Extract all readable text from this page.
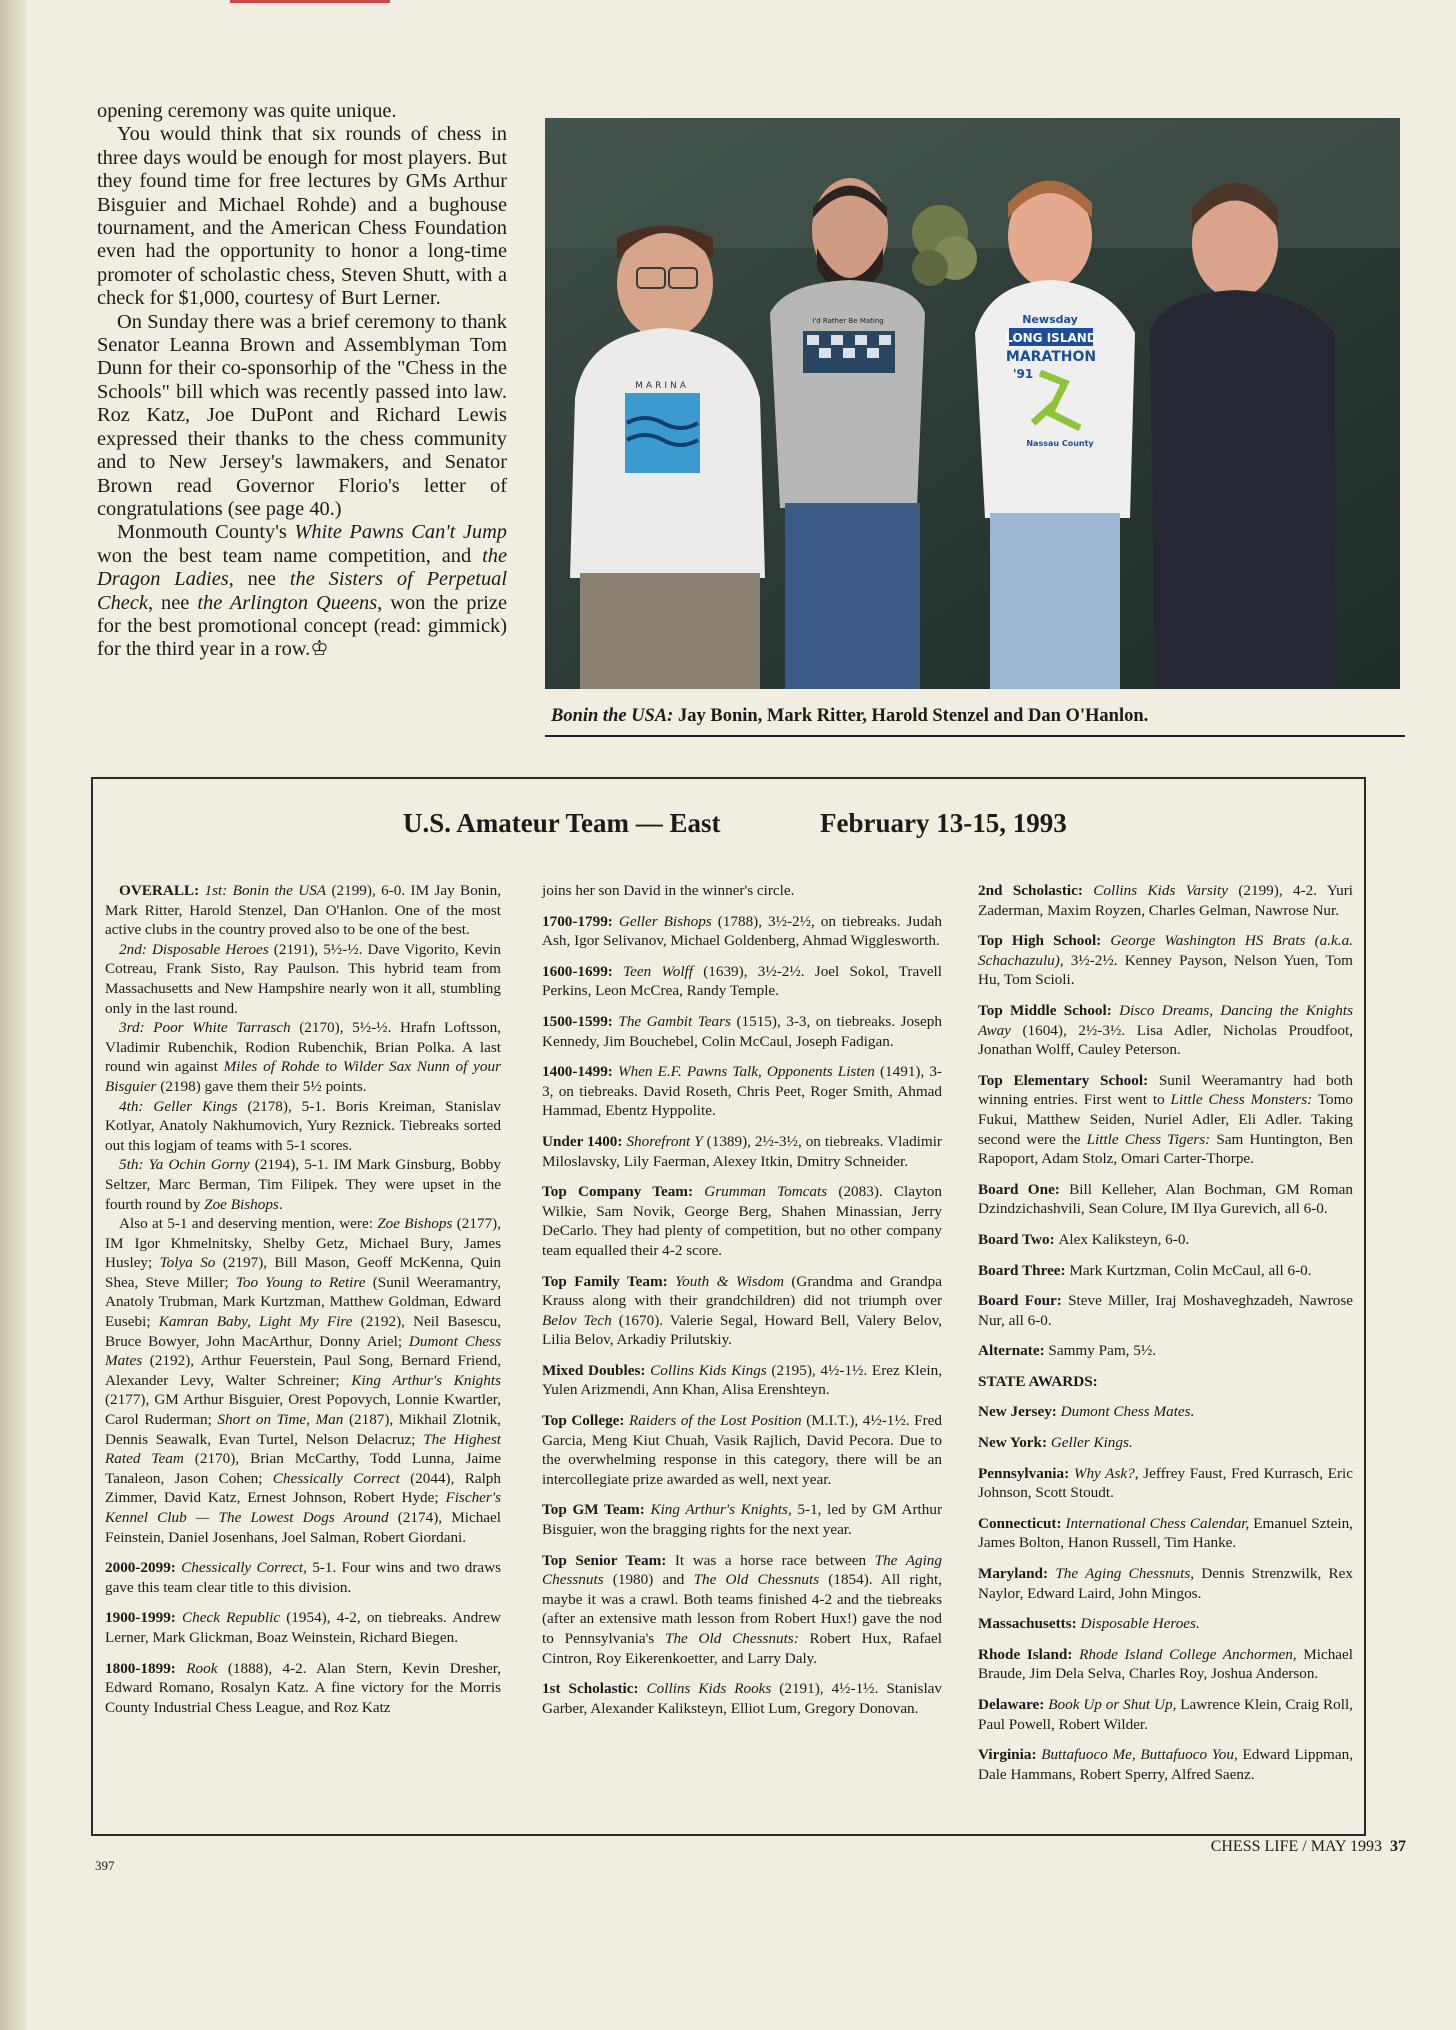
opening ceremony was quite unique.

You would think that six rounds of chess in three days would be enough for most players. But they found time for free lectures by GMs Arthur Bisguier and Michael Rohde) and a bughouse tournament, and the American Chess Foundation even had the opportunity to honor a long-time promoter of scholastic chess, Steven Shutt, with a check for $1,000, courtesy of Burt Lerner.

On Sunday there was a brief ceremony to thank Senator Leanna Brown and Assemblyman Tom Dunn for their co-sponsorhip of the "Chess in the Schools" bill which was recently passed into law. Roz Katz, Joe DuPont and Richard Lewis expressed their thanks to the chess community and to New Jersey's lawmakers, and Senator Brown read Governor Florio's letter of congratulations (see page 40.)

Monmouth County's White Pawns Can't Jump won the best team name competition, and the Dragon Ladies, nee the Sisters of Perpetual Check, nee the Arlington Queens, won the prize for the best promotional concept (read: gimmick) for the third year in a row.♔

MARINA
I'd Rather Be Mating	Newsday
LONG ISLAND
MARATHON
'91
Nassau County
Bonin the USA: Jay Bonin, Mark Ritter, Harold Stenzel and Dan O'Hanlon.
U.S. Amateur Team — East	February 13-15, 1993

OVERALL: 1st: Bonin the USA (2199), 6-0. IM Jay Bonin, Mark Ritter, Harold Stenzel, Dan O'Hanlon. One of the most active clubs in the country proved also to be one of the best.

2nd: Disposable Heroes (2191), 5½-½. Dave Vigorito, Kevin Cotreau, Frank Sisto, Ray Paulson. This hybrid team from Massachusetts and New Hampshire nearly won it all, stumbling only in the last round.

3rd: Poor White Tarrasch (2170), 5½-½. Hrafn Loftsson, Vladimir Rubenchik, Rodion Rubenchik, Brian Polka. A last round win against Miles of Rohde to Wilder Sax Nunn of your Bisguier (2198) gave them their 5½ points.

4th: Geller Kings (2178), 5-1. Boris Kreiman, Stanislav Kotlyar, Anatoly Nakhumovich, Yury Reznick. Tiebreaks sorted out this logjam of teams with 5-1 scores.

5th: Ya Ochin Gorny (2194), 5-1. IM Mark Ginsburg, Bobby Seltzer, Marc Berman, Tim Filipek. They were upset in the fourth round by Zoe Bishops.

Also at 5-1 and deserving mention, were: Zoe Bishops (2177), IM Igor Khmelnitsky, Shelby Getz, Michael Bury, James Husley; Tolya So (2197), Bill Mason, Geoff McKenna, Quin Shea, Steve Miller; Too Young to Retire (Sunil Weeramantry, Anatoly Trubman, Mark Kurtzman, Matthew Goldman, Edward Eusebi; Kamran Baby, Light My Fire (2192), Neil Basescu, Bruce Bowyer, John MacArthur, Donny Ariel; Dumont Chess Mates (2192), Arthur Feuerstein, Paul Song, Bernard Friend, Alexander Levy, Walter Schreiner; King Arthur's Knights (2177), GM Arthur Bisguier, Orest Popovych, Lonnie Kwartler, Carol Ruderman; Short on Time, Man (2187), Mikhail Zlotnik, Dennis Seawalk, Evan Turtel, Nelson Delacruz; The Highest Rated Team (2170), Brian McCarthy, Todd Lunna, Jaime Tanaleon, Jason Cohen; Chessically Correct (2044), Ralph Zimmer, David Katz, Ernest Johnson, Robert Hyde; Fischer's Kennel Club — The Lowest Dogs Around (2174), Michael Feinstein, Daniel Josenhans, Joel Salman, Robert Giordani.

2000-2099: Chessically Correct, 5-1. Four wins and two draws gave this team clear title to this division.

1900-1999: Check Republic (1954), 4-2, on tiebreaks. Andrew Lerner, Mark Glickman, Boaz Weinstein, Richard Biegen.

1800-1899: Rook (1888), 4-2. Alan Stern, Kevin Dresher, Edward Romano, Rosalyn Katz. A fine victory for the Morris County Industrial Chess League, and Roz Katz

joins her son David in the winner's circle.

1700-1799: Geller Bishops (1788), 3½-2½, on tiebreaks. Judah Ash, Igor Selivanov, Michael Goldenberg, Ahmad Wigglesworth.

1600-1699: Teen Wolff (1639), 3½-2½. Joel Sokol, Travell Perkins, Leon McCrea, Randy Temple.

1500-1599: The Gambit Tears (1515), 3-3, on tiebreaks. Joseph Kennedy, Jim Bouchebel, Colin McCaul, Joseph Fadigan.

1400-1499: When E.F. Pawns Talk, Opponents Listen (1491), 3-3, on tiebreaks. David Roseth, Chris Peet, Roger Smith, Ahmad Hammad, Ebentz Hyppolite.

Under 1400: Shorefront Y (1389), 2½-3½, on tiebreaks. Vladimir Miloslavsky, Lily Faerman, Alexey Itkin, Dmitry Schneider.

Top Company Team: Grumman Tomcats (2083). Clayton Wilkie, Sam Novik, George Berg, Shahen Minassian, Jerry DeCarlo. They had plenty of competition, but no other company team equalled their 4-2 score.

Top Family Team: Youth & Wisdom (Grandma and Grandpa Krauss along with their grandchildren) did not triumph over Belov Tech (1670). Valerie Segal, Howard Bell, Valery Belov, Lilia Belov, Arkadiy Prilutskiy.

Mixed Doubles: Collins Kids Kings (2195), 4½-1½. Erez Klein, Yulen Arizmendi, Ann Khan, Alisa Erenshteyn.

Top College: Raiders of the Lost Position (M.I.T.), 4½-1½. Fred Garcia, Meng Kiut Chuah, Vasik Rajlich, David Pecora. Due to the overwhelming response in this category, there will be an intercollegiate prize awarded as well, next year.

Top GM Team: King Arthur's Knights, 5-1, led by GM Arthur Bisguier, won the bragging rights for the next year.

Top Senior Team: It was a horse race between The Aging Chessnuts (1980) and The Old Chessnuts (1854). All right, maybe it was a crawl. Both teams finished 4-2 and the tiebreaks (after an extensive math lesson from Robert Hux!) gave the nod to Pennsylvania's The Old Chessnuts: Robert Hux, Rafael Cintron, Roy Eikerenkoetter, and Larry Daly.

1st Scholastic: Collins Kids Rooks (2191), 4½-1½. Stanislav Garber, Alexander Kaliksteyn, Elliot Lum, Gregory Donovan.

2nd Scholastic: Collins Kids Varsity (2199), 4-2. Yuri Zaderman, Maxim Royzen, Charles Gelman, Nawrose Nur.

Top High School: George Washington HS Brats (a.k.a. Schachazulu), 3½-2½. Kenney Payson, Nelson Yuen, Tom Hu, Tom Scioli.

Top Middle School: Disco Dreams, Dancing the Knights Away (1604), 2½-3½. Lisa Adler, Nicholas Proudfoot, Jonathan Wolff, Cauley Peterson.

Top Elementary School: Sunil Weeramantry had both winning entries. First went to Little Chess Monsters: Tomo Fukui, Matthew Seiden, Nuriel Adler, Eli Adler. Taking second were the Little Chess Tigers: Sam Huntington, Ben Rapoport, Adam Stolz, Omari Carter-Thorpe.

Board One: Bill Kelleher, Alan Bochman, GM Roman Dzindzichashvili, Sean Colure, IM Ilya Gurevich, all 6-0.

Board Two: Alex Kaliksteyn, 6-0.

Board Three: Mark Kurtzman, Colin McCaul, all 6-0.

Board Four: Steve Miller, Iraj Moshaveghzadeh, Nawrose Nur, all 6-0.

Alternate: Sammy Pam, 5½.

STATE AWARDS:

New Jersey: Dumont Chess Mates.

New York: Geller Kings.

Pennsylvania: Why Ask?, Jeffrey Faust, Fred Kurrasch, Eric Johnson, Scott Stoudt.

Connecticut: International Chess Calendar, Emanuel Sztein, James Bolton, Hanon Russell, Tim Hanke.

Maryland: The Aging Chessnuts, Dennis Strenzwilk, Rex Naylor, Edward Laird, John Mingos.

Massachusetts: Disposable Heroes.

Rhode Island: Rhode Island College Anchormen, Michael Braude, Jim Dela Selva, Charles Roy, Joshua Anderson.

Delaware: Book Up or Shut Up, Lawrence Klein, Craig Roll, Paul Powell, Robert Wilder.

Virginia: Buttafuoco Me, Buttafuoco You, Edward Lippman, Dale Hammans, Robert Sperry, Alfred Saenz.

CHESS LIFE / MAY 1993 37
397
